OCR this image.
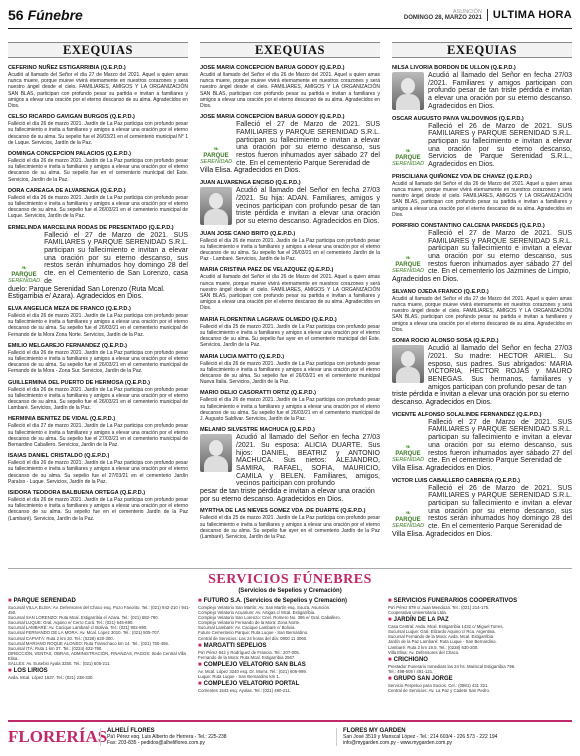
56 Fúnebre	ASUNCIÓN
DOMINGO 28, MARZO 2021	ULTIMA HORA
EXEQUIAS
CEFERINO NUÑEZ ESTIGARRIBIA (Q.E.P.D.)
Acudió al llamado del Señor el día 27 de Marzo del 2021. Aquel a quien amas nunca muere, porque mueve vivirá eternamente en nuestros corazones y será nuestro ángel desde el cielo. FAMILIARES, AMIGOS Y LA ORGANIZACIÓN SAN BLAS, participan con profundo pesar su partida e invitan a familiares y amigos a elevar una oración por el eterno descanso de su alma. Agradecidos en Dios.
CELSO RICARDO GAVIGAN BURGOS (Q.E.P.D.)
Falleció el día 26 de marzo 2021. Jardín de La Paz participa con profundo pesar su fallecimiento e invita a familiares y amigos a elevar una oración por el eterno descanso de su alma. Su sepelio fue el 26/03/21 en el cementerio municipal N° 1 de Luque. Servicios, Jardín de la Paz.
DOMINGA CONCEPCION PALACIOS (Q.E.P.D.)
Falleció el día 26 de marzo 2021. Jardín de La Paz participa con profundo pesar su fallecimiento e invita a familiares y amigos a elevar una oración por el eterno descanso de su alma. Su sepelio fue en el cementerio municipal del Este. Servicios, Jardín de la Paz.
DORA CAREAGA DE ALVARENGA (Q.E.P.D.)
Falleció el día 26 de marzo 2021. Jardín de La Paz participa con profundo pesar su fallecimiento e invita a familiares y amigos a elevar una oración por el eterno descanso de su alma. Su sepelio fue el 26/03/21 en el cementerio municipal de Luque. Servicios, Jardín de la Paz.
ERMELINDA MARCELINA RODAS DE PRESENTADO (Q.E.P.D.)
❧
PARQUE
SERENIDAD
Falleció el 27 de Marzo de 2021. SUS FAMILIARES y PARQUE SERENIDAD S.R.L. participan su fallecimiento e invitan a elevar una oración por su eterno descanso, sus restos serán inhumados hoy domingo 28 del cte. en el Cementerio de San Lorenzo, casa de
duelo: Parque Serenidad San Lorenzo (Ruta Mcal. Estigarribia e/ Azara). Agradecidos en Dios.
ELVA ANGELICA MEZA DE FRANCO (Q.E.P.D.)
Falleció el día 26 de marzo 2021. Jardín de La Paz participa con profundo pesar su fallecimiento e invita a familiares y amigos a elevar una oración por el eterno descanso de su alma. Su sepelio fue el 26/03/21 en el cementerio municipal de Fernando de la Mora Zona Norte. Servicios, Jardín de la Paz.
EMILIO MELGAREJO FERNANDEZ (Q.E.P.D.)
Falleció el día 26 de marzo 2021. Jardín de La Paz participa con profundo pesar su fallecimiento e invita a familiares y amigos a elevar una oración por el eterno descanso de su alma. Su sepelio fue el 26/03/21 en el cementerio municipal de Fernando de la Mora - Zona Sur. Servicios, Jardín de la Paz.
GUILLERMINA DEL PUERTO DE HERMOSA (Q.E.P.D.)
Falleció el día 26 de marzo 2021. Jardín de La Paz participa con profundo pesar su fallecimiento e invita a familiares y amigos a elevar una oración por el eterno descanso de su alma. Su sepelio fue el 26/03/21 en el cementerio municipal de Lambaré. Servicios, Jardín de la Paz.
HERMINIA BENITEZ DE VIDAL (Q.E.P.D.)
Falleció el día 27 de marzo 2021. Jardín de La Paz participa con profundo pesar su fallecimiento e invita a familiares y amigos a elevar una oración por el eterno descanso de su alma. Su sepelio fue el 27/03/21 en el cementerio municipal de Bernardino Caballero. Servicios, Jardín de la Paz.
ISAIAS DANIEL CRISTALDO (Q.E.P.D.)
Falleció el día 26 de marzo 2021. Jardín de La Paz participa con profundo pesar su fallecimiento e invita a familiares y amigos a elevar una oración por el eterno descanso de su alma. Su sepelio fue el 27/03/21 en el cementerio Jardín Paraíso - Luque. Servicios, Jardín de la Paz.
ISIDORA TEODORA BALBUENA ORTEGA (Q.E.P.D.)
Falleció el día 26 de marzo 2021. Jardín de La Paz participa con profundo pesar su fallecimiento e invita a familiares y amigos a elevar una oración por el eterno descanso de su alma. Su sepelio fue en el cementerio Jardín de la Paz (Lambaré). Servicios, Jardín de la Paz.
EXEQUIAS
JOSE MARIA CONCEPCION BARUA GODOY (Q.E.P.D.)
Acudió al llamado del Señor el día 26 de Marzo del 2021. Aquel a quien amas nunca muere, porque mueve vivirá eternamente en nuestros corazones y será nuestro ángel desde el cielo. FAMILIARES, AMIGOS Y LA ORGANIZACIÓN SAN BLAS, participan con profundo pesar su partida e invitan a familiares y amigos a elevar una oración por el eterno descanso de su alma. Agradecidos en Dios.
JOSE MARIA CONCEPCION BARUA GODOY (Q.E.P.D.)
❧
PARQUE
SERENIDAD
Falleció el 27 de Marzo de 2021. SUS FAMILIARES y PARQUE SERENIDAD S.R.L. participan su fallecimiento e invitan a elevar una oración por su eterno descanso, sus restos fueron inhumados ayer sábado 27 del cte. En el cementerio Parque Serenidad de
Villa Elisa. Agradecidos en Dios.
JUAN ALVARENGA ENCISO (Q.E.P.D.)
Acudió al llamado del Señor en fecha 27/03 /2021. Su hija: ADAN. Familiares, amigos y vecinos participan con profundo pesar de tan triste pérdida e invitan a elevar una oración por su eterno descanso. Agradecidos en Dios.
JUAN JOSE CANO BRITO (Q.E.P.D.)
Falleció el día 26 de marzo 2021. Jardín de La Paz participa con profundo pesar su fallecimiento e invita a familiares y amigos a elevar una oración por el eterno descanso de su alma. Su sepelio fue el 26/03/21 en el cementerio Jardín de la Paz - Lambaré. Servicios, Jardín de la Paz.
MARIA CRISTINA PAEZ DE VELAZQUEZ (Q.E.P.D.)
Acudió al llamado del Señor el día 26 de Marzo del 2021. Aquel a quien amas nunca muere, porque mueve vivirá eternamente en nuestros corazones y será nuestro ángel desde el cielo. FAMILIARES, AMIGOS Y LA ORGANIZACIÓN SAN BLAS, participan con profundo pesar su partida e invitan a familiares y amigos a elevar una oración por el eterno descanso de su alma. Agradecidos en Dios.
MARIA FLORENTINA LAGRAVE OLMEDO (Q.E.P.D.)
Falleció el día 25 de marzo 2021. Jardín de La Paz participa con profundo pesar su fallecimiento e invita a familiares y amigos a elevar una oración por el eterno descanso de su alma. Su sepelio fue ayer en el cementerio municipal del Este. Servicios, Jardín de la Paz.
MARIA LUCIA MATTO (Q.E.P.D.)
Falleció el día 26 de marzo 2021. Jardín de La Paz participa con profundo pesar su fallecimiento e invita a familiares y amigos a elevar una oración por el eterno descanso de su alma. Su sepelio fue el 26/03/21 en el cementerio municipal Nueva Italia. Servicios, Jardín de la Paz.
MARIO DELIO CASORATTI ORTIZ (Q.E.P.D.)
Falleció el día 26 de marzo 2021. Jardín de La Paz participa con profundo pesar su fallecimiento e invita a familiares y amigos a elevar una oración por el eterno descanso de su alma. Su sepelio fue el 26/03/21 en el cementerio municipal de J. Augusto Saldívar. Servicios, Jardín de la Paz.
MELANIO SILVESTRE MACHUCA (Q.E.P.D.)
Acudió al llamado del Señor en fecha 27/03 /2021. Su esposa: ALICIA DUARTE. Sus hijos: DANIEL, BEATRIZ y ANTONIO MACHUCA. Sus nietos: ALEJANDRO, SAMIRA, RAFAEL, SOFIA, MAURICIO, CAMILA y BELEN. Familiares, amigos, vecinos participan con profundo
pesar de tan triste pérdida e invitan a elevar una oración por su eterno descanso. Agradecidos en Dios.
MYRTHA DE LAS NIEVES GOMEZ VDA .DE DUARTE (Q.E.P.D.)
Falleció el día 25 de marzo 2021. Jardín de La Paz participa con profundo pesar su fallecimiento e invita a familiares y amigos a elevar una oración por el eterno descanso de su alma. Su sepelio fue ayer en el cementerio Jardín de la Paz (Lambaré). Servicios, Jardín de la Paz.
EXEQUIAS
NILSA LIVORIA BORDON DE ULLON (Q.E.P.D.)
Acudió al llamado del Señor en fecha 27/03 /2021. Familiares y amigos participan con profundo pesar de tan triste pérdida e invitan a elevar una oración por su eterno descanso. Agradecidos en Dios.
OSCAR AUGUSTO PAIVA VALDOVINOS (Q.E.P.D.)
❧
PARQUE
SERENIDAD
Falleció el 26 de Marzo de 2021. SUS FAMILIARES y PARQUE SERENIDAD S.R.L. participan su fallecimiento e invitan a elevar una oración por su eterno descanso, Servicios de Parque Serenidad S.R.L., Agradecidos en Dios.
PRISCILIANA QUIÑONEZ VDA DE CHAVEZ (Q.E.P.D.)
Acudió al llamado del Señor el día 26 de Marzo del 2021. Aquel a quien amas nunca muere, porque mueve vivirá eternamente en nuestros corazones y será nuestro ángel desde el cielo. FAMILIARES, AMIGOS Y LA ORGANIZACIÓN SAN BLAS, participan con profundo pesar su partida e invitan a familiares y amigos a elevar una oración por el eterno descanso de su alma. Agradecidos en Dios.
PORFIRIO CONSTANTINO CALCENA PAREDES (Q.E.P.D.)
❧
PARQUE
SERENIDAD
Falleció el 27 de Marzo de 2021. SUS FAMILIARES y PARQUE SERENIDAD S.R.L. participan su fallecimiento e invitan a elevar una oración por su eterno descanso, sus restos fueron inhumados ayer sábado 27 del cte. En el cementerio los Jazmines de Limpio,
Agradecidos en Dios.
SILVANO OJEDA FRANCO (Q.E.P.D.)
Acudió al llamado del Señor el día 27 de Marzo del 2021. Aquel a quien amas nunca muere, porque mueve vivirá eternamente en nuestros corazones y será nuestro ángel desde el cielo. FAMILIARES, AMIGOS Y LA ORGANIZACIÓN SAN BLAS, participan con profundo pesar su partida e invitan a familiares y amigos a elevar una oración por el eterno descanso de su alma. Agradecidos en Dios.
SONIA ROCIO ALONSO SOSA (Q.E.P.D.)
Acudió al llamado del Señor en fecha 27/03 /2021. Su madre: HECTOR ARIEL. Su esposo, sus padres. Sus abrigados: MARIA VICTORIA, HECTOR ROJAS y MAURO BENEGAS. Sus hermanos, familiares y amigos participan con profundo pesar de tan
triste pérdida e invitan a elevar una oración por su eterno descanso. Agradecidos en Dios.
VICENTE ALFONSO SOLALINDE FERNANDEZ (Q.E.P.D.)
❧
PARQUE
SERENIDAD
Falleció el 27 de Marzo de 2021. SUS FAMILIARES y PARQUE SERENIDAD S.R.L. participan su fallecimiento e invitan a elevar una oración por su eterno descanso, sus restos fueron inhumados ayer sábado 27 del cte. En el cementerio Parque Serenidad de
Villa Elisa. Agradecidos en Dios.
VICTOR LUIS CABALLERO CABRERA (Q.E.P.D.)
❧
PARQUE
SERENIDAD
Falleció el 26 de Marzo de 2021. SUS FAMILIARES y PARQUE SERENIDAD S.R.L. participan su fallecimiento e invitan a elevar una oración por su eterno descanso, sus restos serán inhumados hoy domingo 28 del cte. En el cementerio Parque Serenidad de
Villa Elisa. Agradecidos en Dios.
SERVICIOS FÚNEBRES
(Servicios de Sepelios y Cremación)
■ PARQUE SERENIDAD
Sucursal VILLA ELISA: Av. Defensores del Chaco esq. Pozo Favorito. Tel.: (021) 942-210 / 941-450.
Sucursal SAN LORENZO: Ruta Mcal. Estigarribia e/ Azara. Tel.: (021) 582-790.
Sucursal LUQUE: Gral. Aquino e/ Cerro Corá. Tel.: (021) 645-690.
Sucursal LAMBARÉ: Av. Cacique Lambaré c/ Bolivia. Tel.: (021) 902-890.
Sucursal FERNANDO DE LA MORA: Av. Mcal. López 3010. Tel.: (021) 505-707.
Sucursal CAPIATÁ: Ruta 2 km 20. Tel.: (0228) 630-300.
Sucursal MARIANO ROQUE ALONSO: Ruta Transchaco km 14. Tel.: (021) 750-456.
Sucursal ITÁ: Ruta 1 km 37. Tel.: (0224) 632-790.
DIRECCIÓN, VENTAS, OBRAS, ADMINISTRACIÓN, FINANZAS, PAGOS: Sede Central Villa Elisa.
SALLES: Av. Eusebio Ayala 3250. Tel.: (021) 505-211.
■ LOS LIRIOS
Avda. Mcal. López 1637. Tel.: (021) 238-330.
■ FUTURO S.A. (Servicios de Sepelios y Cremación)
Complejo Velatorio San Martín: Av. San Martín esq. Souza, Asunción.
Complejo Velatorio Acuarium: Av. Artigas c/ Mcal. Estigarribia.
Complejo Velatorio San Lorenzo: Cnel. Romero No. 386 e/ Gral. Caballero.
Complejo Velatorio Fernando de la Mora: Zona Norte.
Sucursal Lambaré: Av. Cacique Lambaré c/ Bolivia.
Futuro Cementerio Parque: Ruta Luque - San Bernardino.
Central de Servicios: Las 24 horas del día: 0800 11 3060.
■ MARGATTI SEPELIOS
Pa'i Pérez 842 y Rodríguez de Francia. Tel.: 207-005.
Fernando de la Mora: Ruta Mcal. Estigarribia 2567.
■ COMPLEJO VELATORIO SAN BLAS
Av. Mcal. López 3240 esq. Dr. Morra. Tel.: (021) 606-999.
Luque: Ruta Luque - San Bernardino km 1.
■ COMPLEJO VELATORIO PORTAL
Corrientes 1543 esq. Ayolas. Tel.: (021) 490-211.
■ SERVICIOS FUNERARIOS COOPERATIVOS
Pa'i Pérez 879 c/ Juan Mendoza. Tel.: (021) 214-175.
Cooperativa Universitaria Ltda.
■ JARDÍN DE LA PAZ
Casa Central: Avda. Mcal. Estigarribia 1432 c/ Miguel Torres.
Sucursal Luque: Gral. Elizardo Aquino c/ Rca. Argentina.
Sucursal Fernando de la Mora: Avda. Mcal. Estigarribia.
Jardín de la Paz Lambaré: Ruta Luque - San Bernardino.
Lambaré: Ruta 2 km 19,5. Tel.: (0228) 630-200.
Villa Elisa: Av. Defensores del Chaco.
■ CRICHIGNO
Prestador Funerario Inmediato las 24 hs. Mariscal Estigarribia 796.
Tel.: 498-505 / 491-121.
■ GRUPO SAN JORGE
Servicio Perpetuo para Socios. Cel.: (0981) 431 321.
Central de Servicios: Av. La Paz y Cadete San Pedro.
FLORERÍAS ALHELÍ FLORES
Pa'i Pérez esq. Luis Alberto de Herrera - Tel.: 225-238
Fax: 203-835 - pedidos@alheliflores.com.py
FLORES MY GARDEN
San José 3519 y Mariscal López - Tel.: 214 603/4 - 226 573 - 222 194
info@mygarden.com.py - www.mygarden.com.py
